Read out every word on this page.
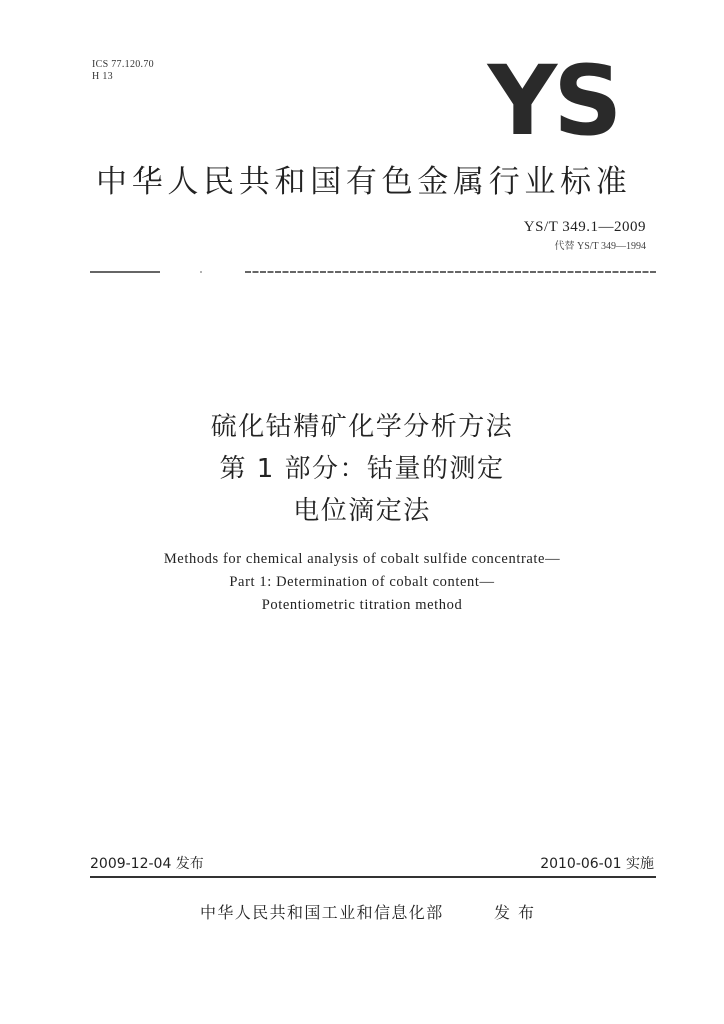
ICS 77.120.70
H 13	YS
中华人民共和国有色金属行业标准
YS/T 349.1—2009
代替 YS/T 349—1994
硫化钴精矿化学分析方法
第 1 部分：钴量的测定
电位滴定法
Methods for chemical analysis of cobalt sulfide concentrate—
Part 1: Determination of cobalt content—
Potentiometric titration method
2009-12-04 发布	2010-06-01 实施
中华人民共和国工业和信息化部	发布
